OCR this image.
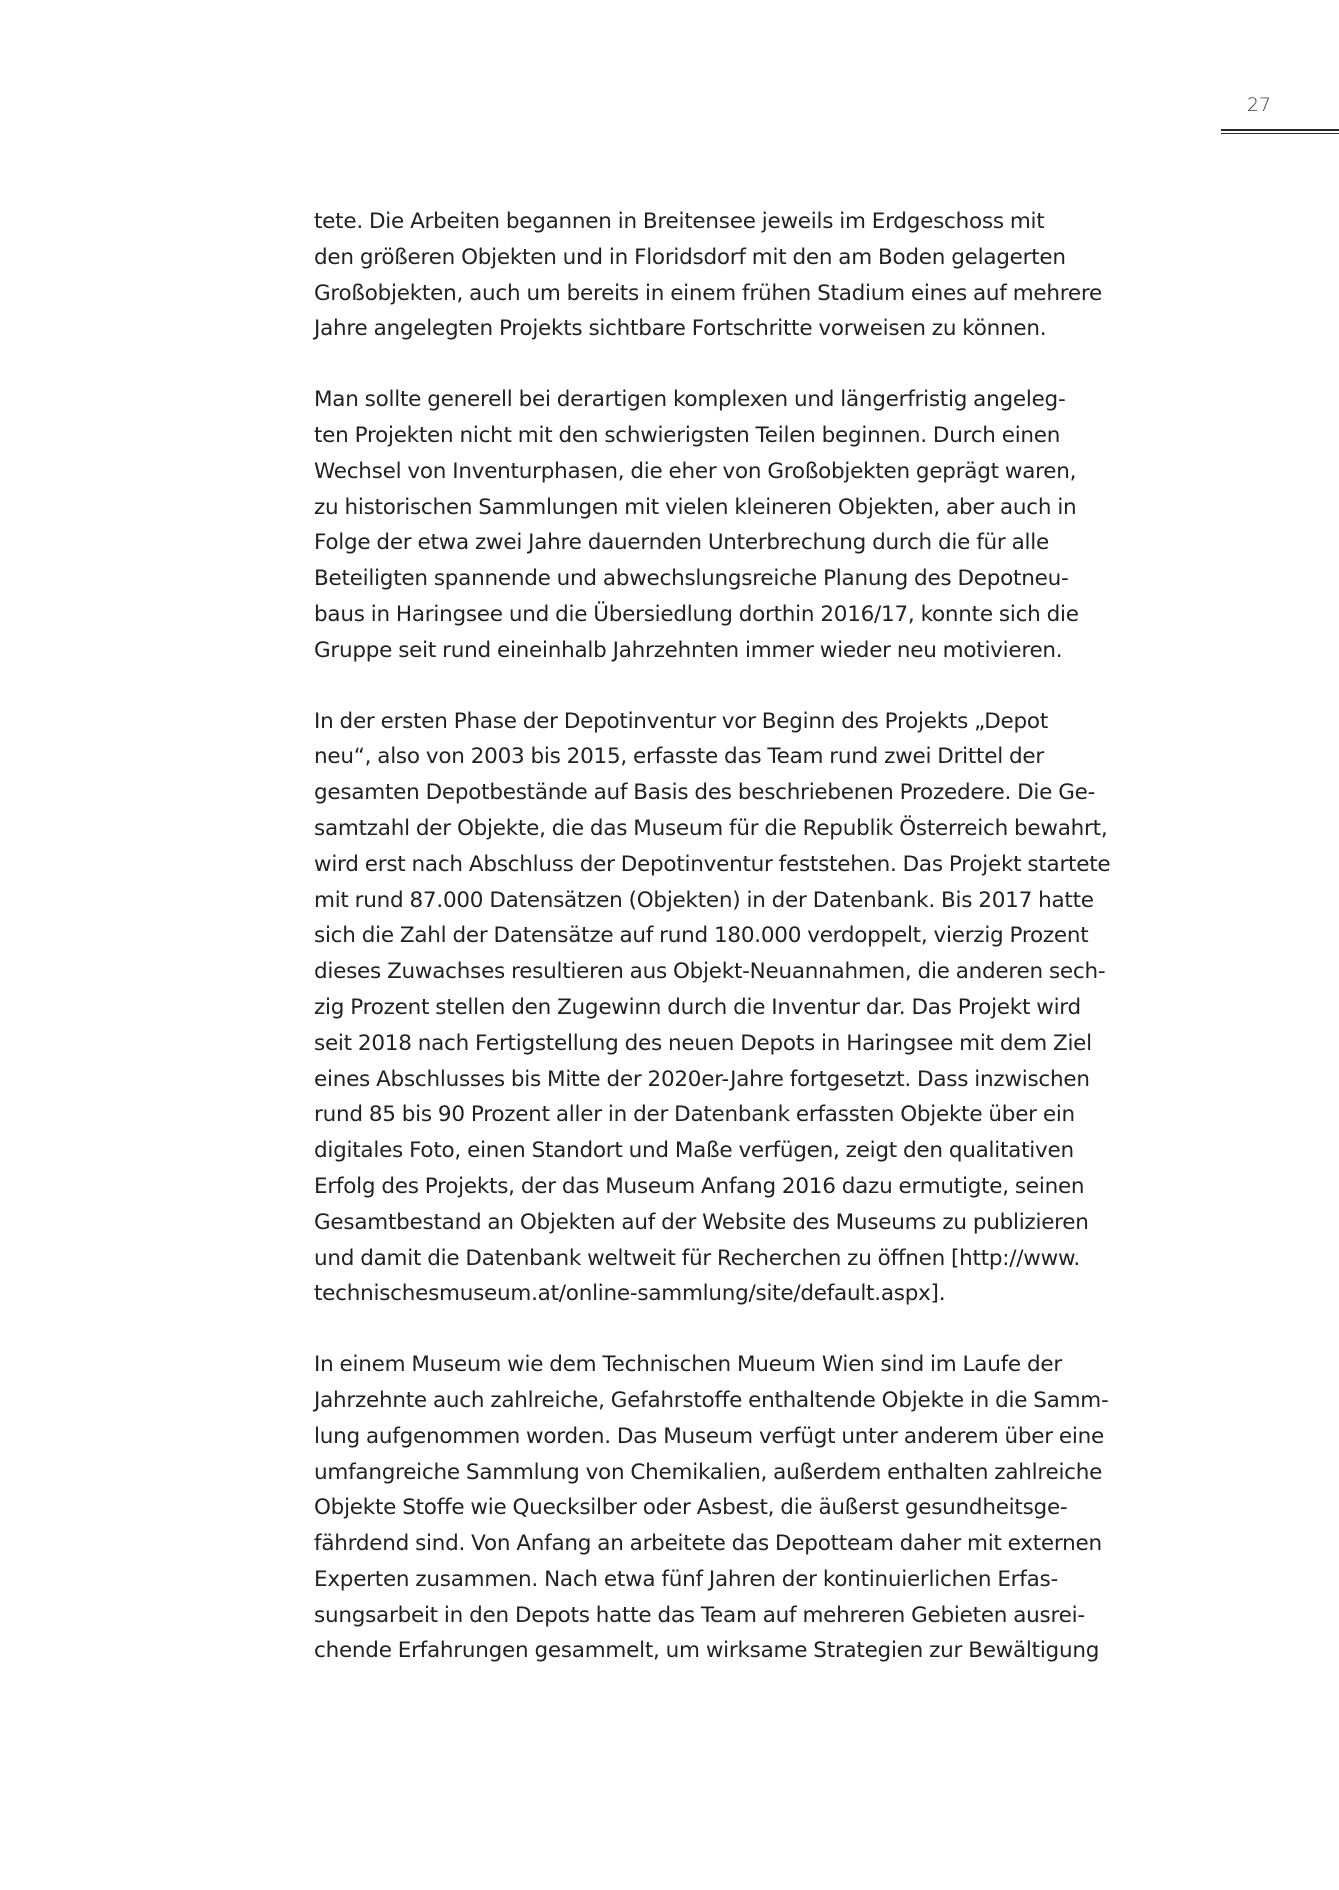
27

tete. Die Arbeiten begannen in Breitensee jeweils im Erdgeschoss mit
den größeren Objekten und in Floridsdorf mit den am Boden gelagerten
Großobjekten, auch um bereits in einem frühen Stadium eines auf mehrere
Jahre angelegten Projekts sichtbare Fortschritte vorweisen zu können.

Man sollte generell bei derartigen komplexen und längerfristig angeleg-
ten Projekten nicht mit den schwierigsten Teilen beginnen. Durch einen
Wechsel von Inventurphasen, die eher von Großobjekten geprägt waren,
zu historischen Sammlungen mit vielen kleineren Objekten, aber auch in
Folge der etwa zwei Jahre dauernden Unterbrechung durch die für alle
Beteiligten spannende und abwechslungsreiche Planung des Depotneu-
baus in Haringsee und die Übersiedlung dorthin 2016/17, konnte sich die
Gruppe seit rund eineinhalb Jahrzehnten immer wieder neu motivieren.

In der ersten Phase der Depotinventur vor Beginn des Projekts „Depot
neu“, also von 2003 bis 2015, erfasste das Team rund zwei Drittel der
gesamten Depotbestände auf Basis des beschriebenen Prozedere. Die Ge-
samtzahl der Objekte, die das Museum für die Republik Österreich bewahrt,
wird erst nach Abschluss der Depotinventur feststehen. Das Projekt startete
mit rund 87.000 Datensätzen (Objekten) in der Datenbank. Bis 2017 hatte
sich die Zahl der Datensätze auf rund 180.000 verdoppelt, vierzig Prozent
dieses Zuwachses resultieren aus Objekt-Neuannahmen, die anderen sech-
zig Prozent stellen den Zugewinn durch die Inventur dar. Das Projekt wird
seit 2018 nach Fertigstellung des neuen Depots in Haringsee mit dem Ziel
eines Abschlusses bis Mitte der 2020er-Jahre fortgesetzt. Dass inzwischen
rund 85 bis 90 Prozent aller in der Datenbank erfassten Objekte über ein
digitales Foto, einen Standort und Maße verfügen, zeigt den qualitativen
Erfolg des Projekts, der das Museum Anfang 2016 dazu ermutigte, seinen
Gesamtbestand an Objekten auf der Website des Museums zu publizieren
und damit die Datenbank weltweit für Recherchen zu öffnen [http://www.
technischesmuseum.at/online-sammlung/site/default.aspx].

In einem Museum wie dem Technischen Mueum Wien sind im Laufe der
Jahrzehnte auch zahlreiche, Gefahrstoffe enthaltende Objekte in die Samm-
lung aufgenommen worden. Das Museum verfügt unter anderem über eine
umfangreiche Sammlung von Chemikalien, außerdem enthalten zahlreiche
Objekte Stoffe wie Quecksilber oder Asbest, die äußerst gesundheitsge-
fährdend sind. Von Anfang an arbeitete das Depotteam daher mit externen
Experten zusammen. Nach etwa fünf Jahren der kontinuierlichen Erfas-
sungsarbeit in den Depots hatte das Team auf mehreren Gebieten ausrei-
chende Erfahrungen gesammelt, um wirksame Strategien zur Bewältigung
